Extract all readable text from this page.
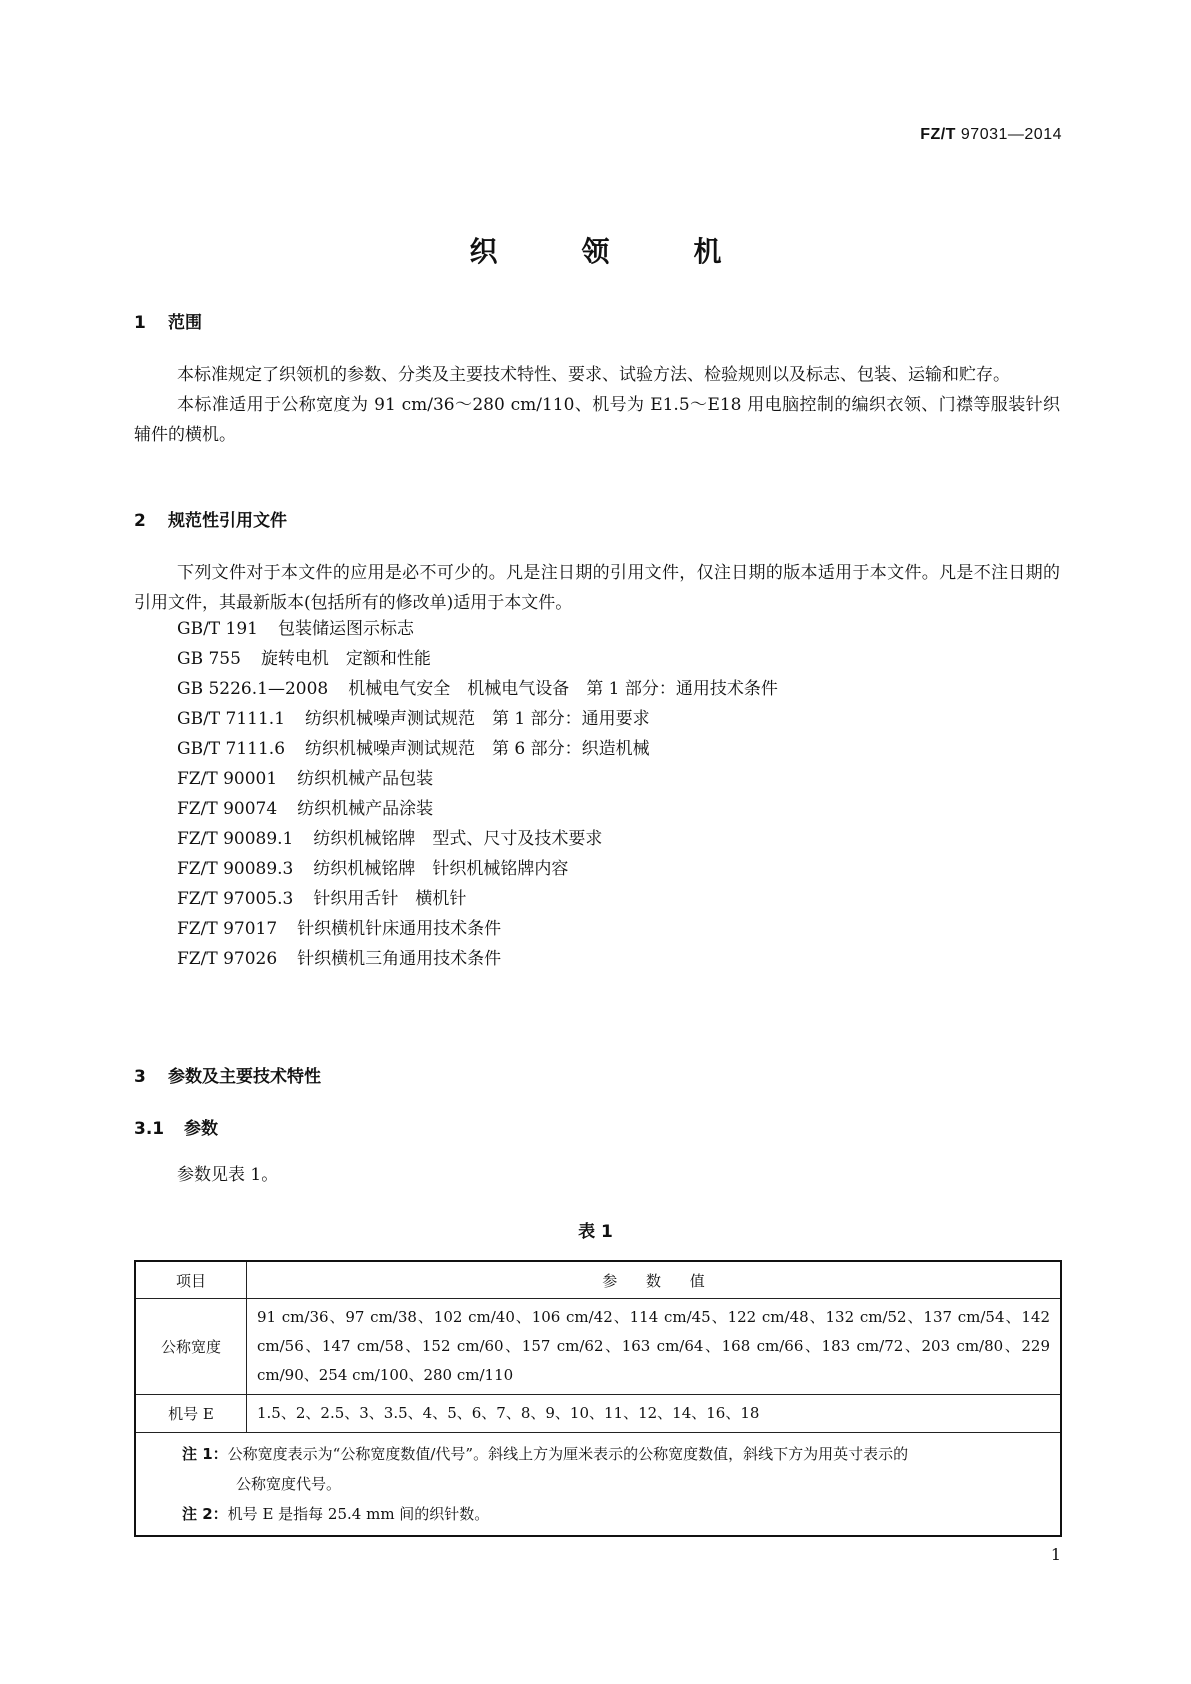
FZ/T 97031—2014
织　领　机
1 范围

本标准规定了织领机的参数、分类及主要技术特性、要求、试验方法、检验规则以及标志、包装、运输和贮存。

本标准适用于公称宽度为 91 cm/36～280 cm/110、机号为 E1.5～E18 用电脑控制的编织衣领、门襟等服装针织辅件的横机。

2 规范性引用文件

下列文件对于本文件的应用是必不可少的。凡是注日期的引用文件，仅注日期的版本适用于本文件。凡是不注日期的引用文件，其最新版本(包括所有的修改单)适用于本文件。

GB/T 191 包装储运图示标志
GB 755 旋转电机　定额和性能
GB 5226.1—2008 机械电气安全　机械电气设备　第 1 部分：通用技术条件
GB/T 7111.1 纺织机械噪声测试规范　第 1 部分：通用要求
GB/T 7111.6 纺织机械噪声测试规范　第 6 部分：织造机械
FZ/T 90001 纺织机械产品包装
FZ/T 90074 纺织机械产品涂装
FZ/T 90089.1 纺织机械铭牌　型式、尺寸及技术要求
FZ/T 90089.3 纺织机械铭牌　针织机械铭牌内容
FZ/T 97005.3 针织用舌针　横机针
FZ/T 97017 针织横机针床通用技术条件
FZ/T 97026 针织横机三角通用技术条件
3 参数及主要技术特性
3.1 参数

参数见表 1。

表 1
项目	参 数 值
公称宽度	91 cm/36、97 cm/38、102 cm/40、106 cm/42、114 cm/45、122 cm/48、132 cm/52、137 cm/54、142 cm/56、147 cm/58、152 cm/60、157 cm/62、163 cm/64、168 cm/66、183 cm/72、203 cm/80、229 cm/90、254 cm/100、280 cm/110
机号 E	1.5、2、2.5、3、3.5、4、5、6、7、8、9、10、11、12、14、16、18

注 1：公称宽度表示为“公称宽度数值/代号”。斜线上方为厘米表示的公称宽度数值，斜线下方为用英寸表示的
公称宽度代号。
注 2：机号 E 是指每 25.4 mm 间的织针数。	
1
